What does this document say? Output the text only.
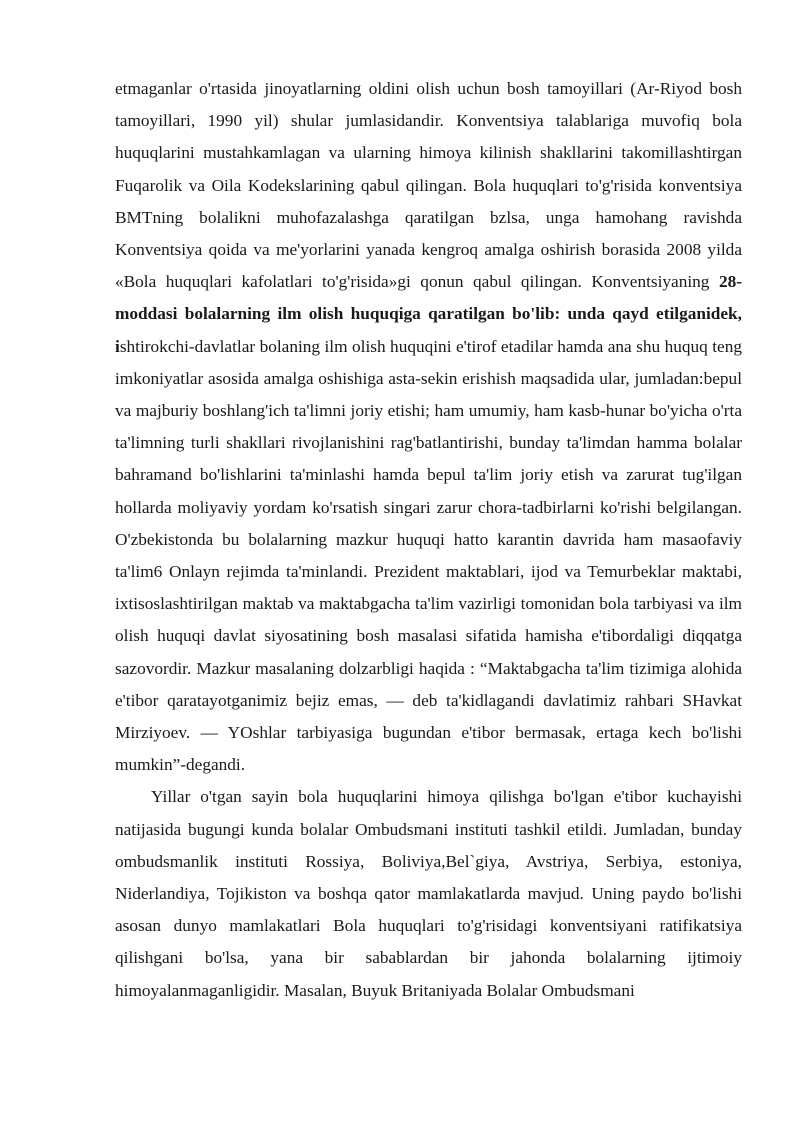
etmaganlar o'rtasida jinoyatlarning oldini olish uchun bosh tamoyillari (Ar-Riyod bosh tamoyillari, 1990 yil) shular jumlasidandir. Konventsiya talablariga muvofiq bola huquqlarini mustahkamlagan va ularning himoya kilinish shakllarini takomillashtirgan Fuqarolik va Oila Kodekslarining qabul qilingan. Bola huquqlari to'g'risida konventsiya BMTning bolalikni muhofazalashga qaratilgan bzlsa, unga hamohang ravishda Konventsiya qoida va me'yorlarini yanada kengroq amalga oshirish borasida 2008 yilda «Bola huquqlari kafolatlari to'g'risida»gi qonun qabul qilingan. Konventsiyaning 28-moddasi bolalarning ilm olish huquqiga qaratilgan bo'lib: unda qayd etilganidek, ishtirokchi-davlatlar bolaning ilm olish huquqini e'tirof etadilar hamda ana shu huquq teng imkoniyatlar asosida amalga oshishiga asta-sekin erishish maqsadida ular, jumladan:bepul va majburiy boshlang'ich ta'limni joriy etishi; ham umumiy, ham kasb-hunar bo'yicha o'rta ta'limning turli shakllari rivojlanishini rag'batlantirishi, bunday ta'limdan hamma bolalar bahramand bo'lishlarini ta'minlashi hamda bepul ta'lim joriy etish va zarurat tug'ilgan hollarda moliyaviy yordam ko'rsatish singari zarur chora-tadbirlarni ko'rishi belgilangan. O'zbekistonda bu bolalarning mazkur huquqi hatto karantin davrida ham masaofaviy ta'lim6 Onlayn rejimda ta'minlandi. Prezident maktablari, ijod va Temurbeklar maktabi, ixtisoslashtirilgan maktab va maktabgacha ta'lim vazirligi tomonidan bola tarbiyasi va ilm olish huquqi davlat siyosatining bosh masalasi sifatida hamisha e'tibordaligi diqqatga sazovordir. Mazkur masalaning dolzarbligi haqida : “Maktabgacha ta'lim tizimiga alohida e'tibor qaratayotganimiz bejiz emas, — deb ta'kidlagandi davlatimiz rahbari SHavkat Mirziyoev. — YOshlar tarbiyasiga bugundan e'tibor bermasak, ertaga kech bo'lishi mumkin”-degandi.

Yillar o'tgan sayin bola huquqlarini himoya qilishga bo'lgan e'tibor kuchayishi natijasida bugungi kunda bolalar Ombudsmani instituti tashkil etildi. Jumladan, bunday ombudsmanlik instituti Rossiya, Boliviya,Bel`giya, Avstriya, Serbiya, estoniya, Niderlandiya, Tojikiston va boshqa qator mamlakatlarda mavjud. Uning paydo bo'lishi asosan dunyo mamlakatlari Bola huquqlari to'g'risidagi konventsiyani ratifikatsiya qilishgani bo'lsa, yana bir sabablardan bir jahonda bolalarning ijtimoiy himoyalanmaganligidir. Masalan, Buyuk Britaniyada Bolalar Ombudsmani
